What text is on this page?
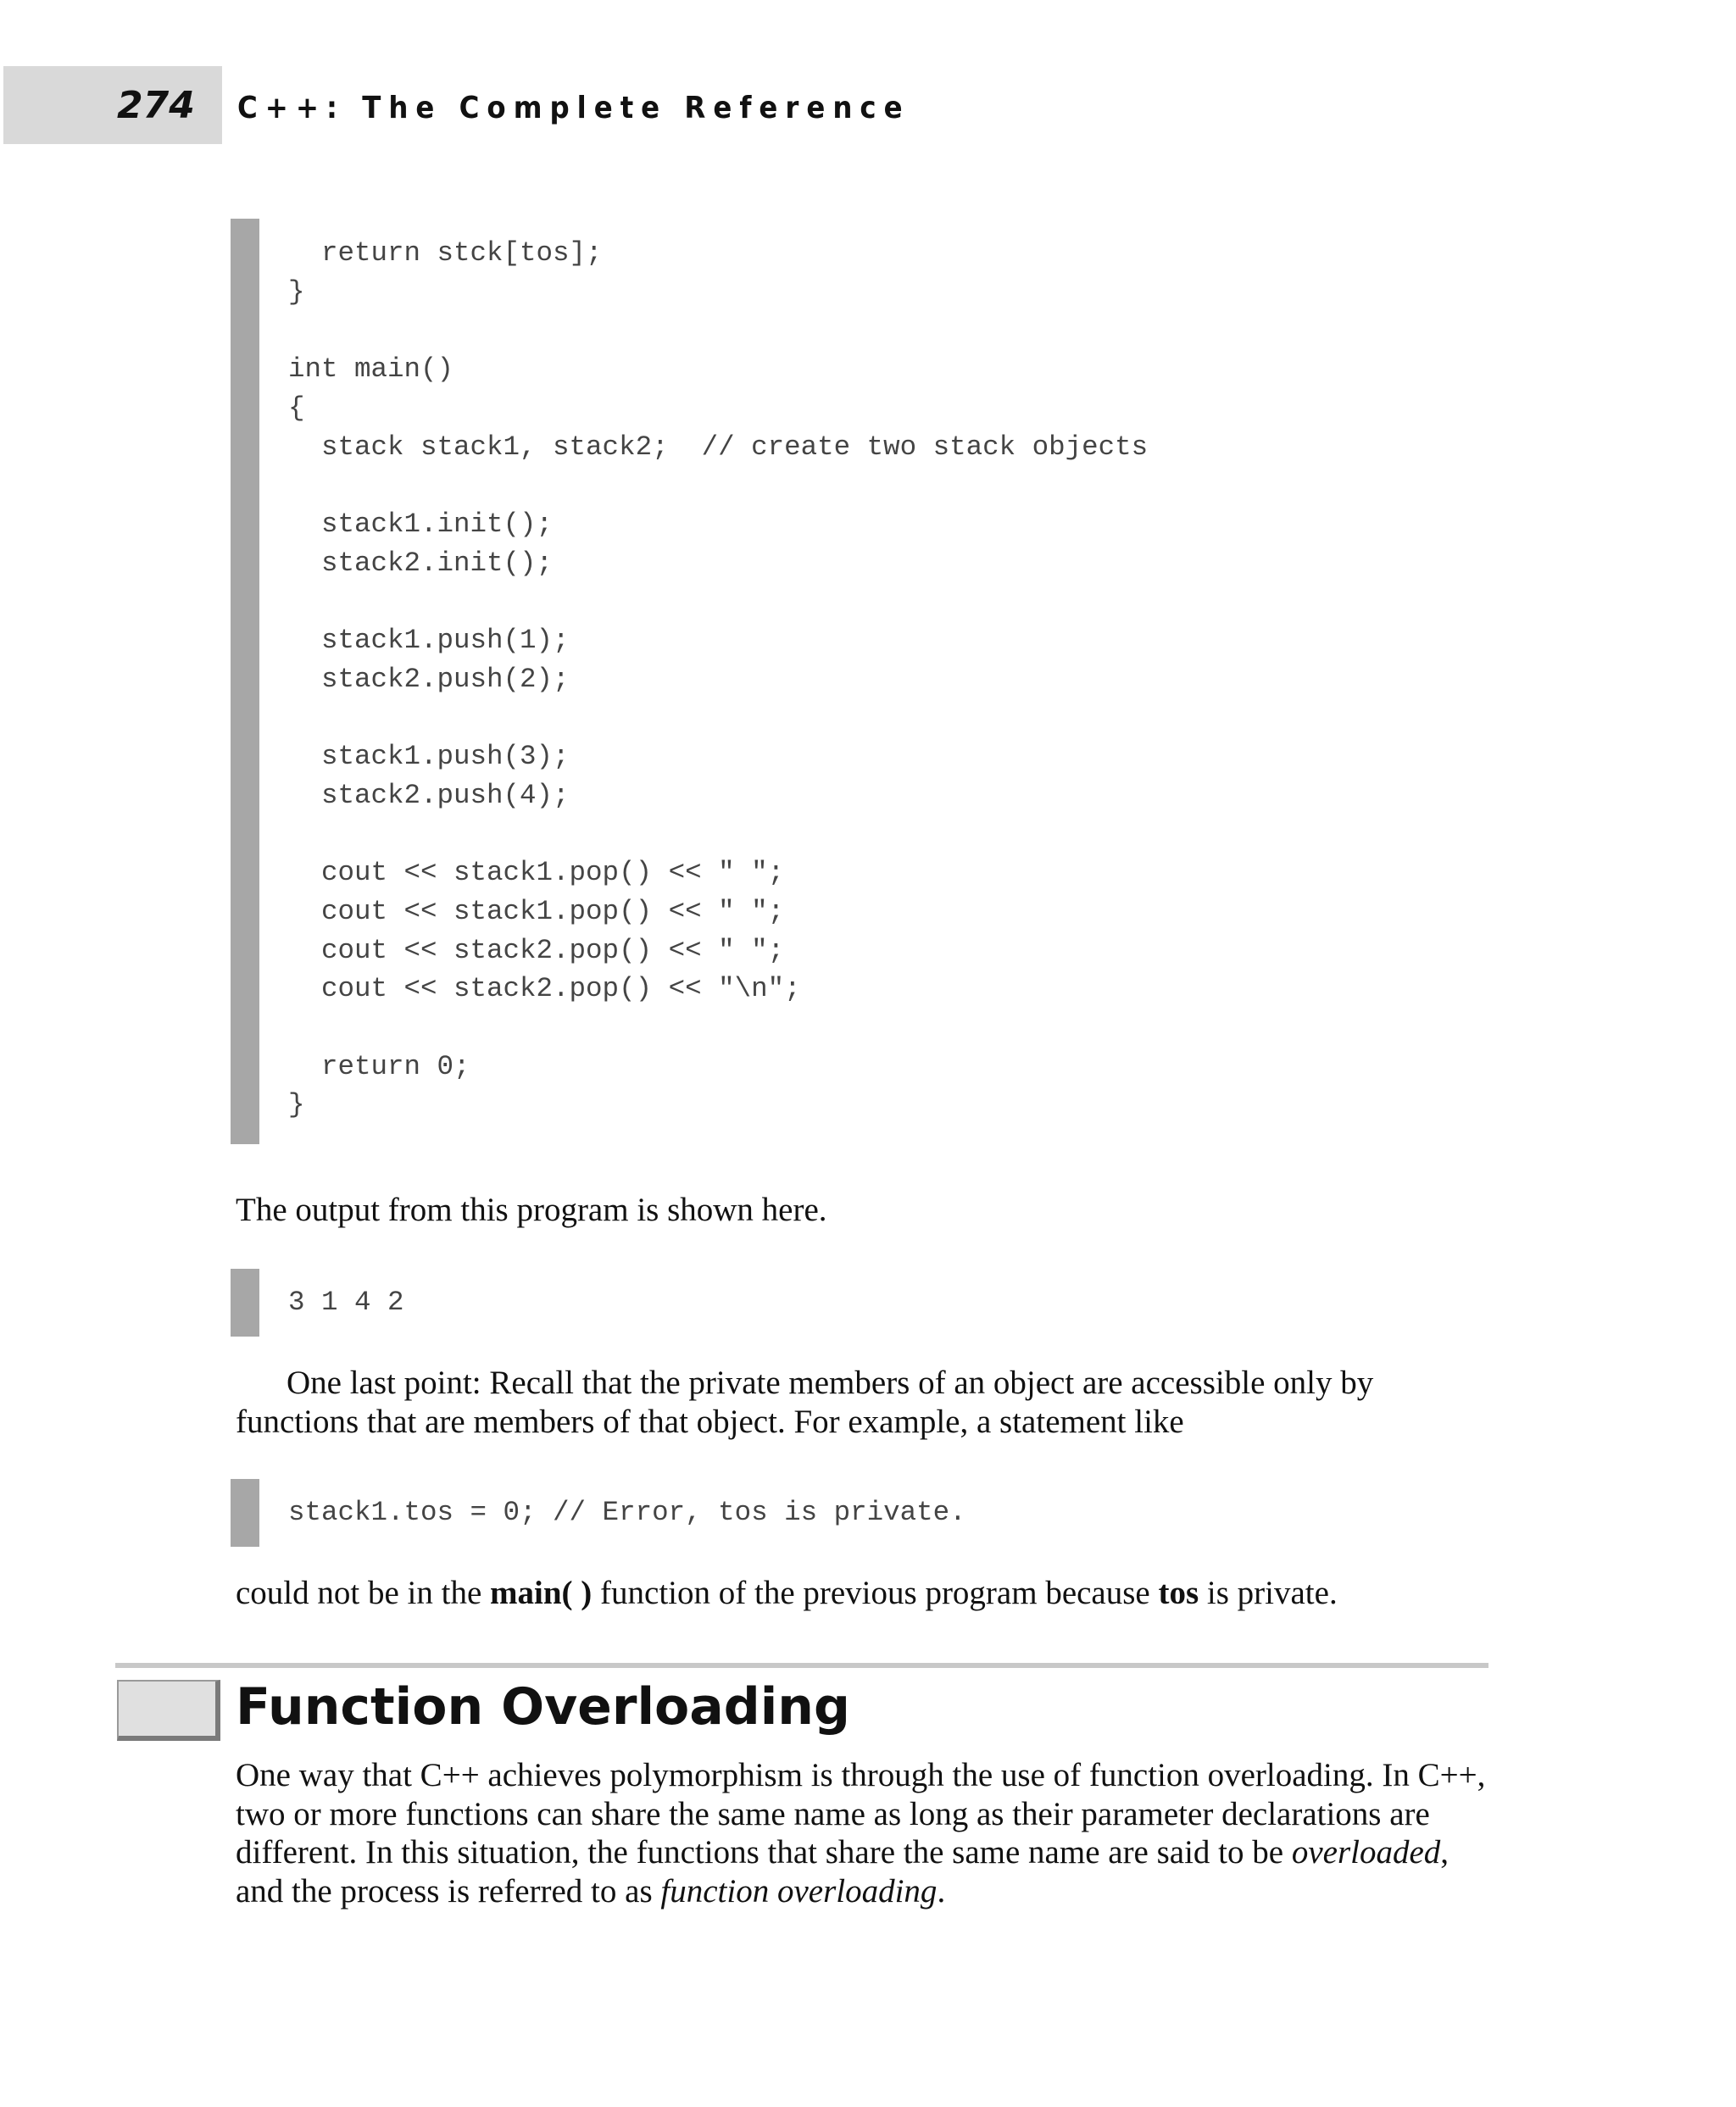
274 C++: The Complete Reference
return stck[tos];
}

int main()
{
stack stack1, stack2;  // create two stack objects

stack1.init();
stack2.init();

stack1.push(1);
stack2.push(2);

stack1.push(3);
stack2.push(4);

cout << stack1.pop() << " ";
cout << stack1.pop() << " ";
cout << stack2.pop() << " ";
cout << stack2.pop() << "\n";

return 0;
}

The output from this program is shown here.

3 1 4 2

One last point: Recall that the private members of an object are accessible only by functions that are members of that object. For example, a statement like

stack1.tos = 0; // Error, tos is private.

could not be in the main( ) function of the previous program because tos is private.

Function Overloading

One way that C++ achieves polymorphism is through the use of function overloading. In C++, two or more functions can share the same name as long as their parameter declarations are different. In this situation, the functions that share the same name are said to be overloaded, and the process is referred to as function overloading.
